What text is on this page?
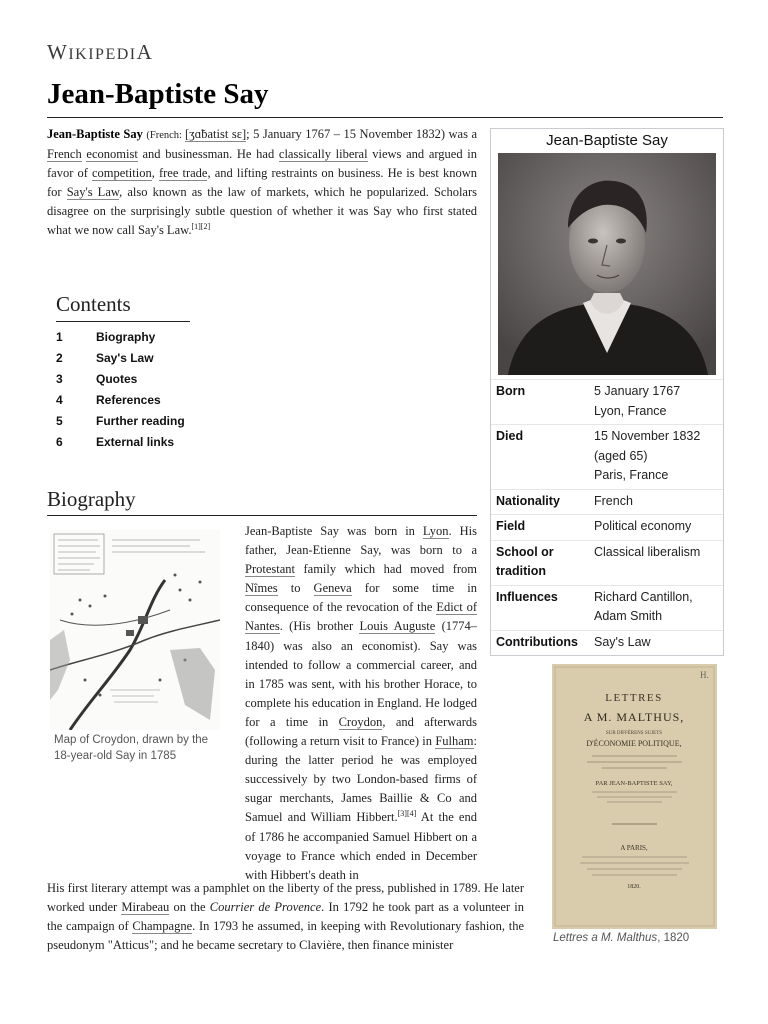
WIKIPEDIA
Jean-Baptiste Say

Jean-Baptiste Say (French: [ʒɑ̃batist sɛ]; 5 January 1767 – 15 November 1832) was a French economist and businessman. He had classically liberal views and argued in favor of competition, free trade, and lifting restraints on business. He is best known for Say's Law, also known as the law of markets, which he popularized. Scholars disagree on the surprisingly subtle question of whether it was Say who first stated what we now call Say's Law.[1][2]

Contents
1	Biography
2	Say's Law
3	Quotes
4	References
5	Further reading
6	External links
Biography
Map of Croydon, drawn by the 18-year-old Say in 1785

Jean-Baptiste Say was born in Lyon. His father, Jean-Etienne Say, was born to a Protestant family which had moved from Nîmes to Geneva for some time in consequence of the revocation of the Edict of Nantes. (His brother Louis Auguste (1774–1840) was also an economist). Say was intended to follow a commercial career, and in 1785 was sent, with his brother Horace, to complete his education in England. He lodged for a time in Croydon, and afterwards (following a return visit to France) in Fulham: during the latter period he was employed successively by two London-based firms of sugar merchants, James Baillie & Co and Samuel and William Hibbert.[3][4] At the end of 1786 he accompanied Samuel Hibbert on a voyage to France which ended in December with Hibbert's death in

His first literary attempt was a pamphlet on the liberty of the press, published in 1789. He later worked under Mirabeau on the Courrier de Provence. In 1792 he took part as a volunteer in the campaign of Champagne. In 1793 he assumed, in keeping with Revolutionary fashion, the pseudonym "Atticus"; and he became secretary to Clavière, then finance minister

Jean-Baptiste Say
Born	5 January 1767
Lyon, France
Died	15 November 1832
(aged 65)
Paris, France
Nationality	French
Field	Political economy
School or tradition
Classical liberalism
Influences	Richard Cantillon, Adam Smith
Contributions	Say's Law
H.
LETTRES
A M. MALTHUS,
SUR DIFFÉRENS SUJETS
D'ÉCONOMIE POLITIQUE,
PAR JEAN-BAPTISTE SAY,
A PARIS,
1820.
Lettres a M. Malthus, 1820
